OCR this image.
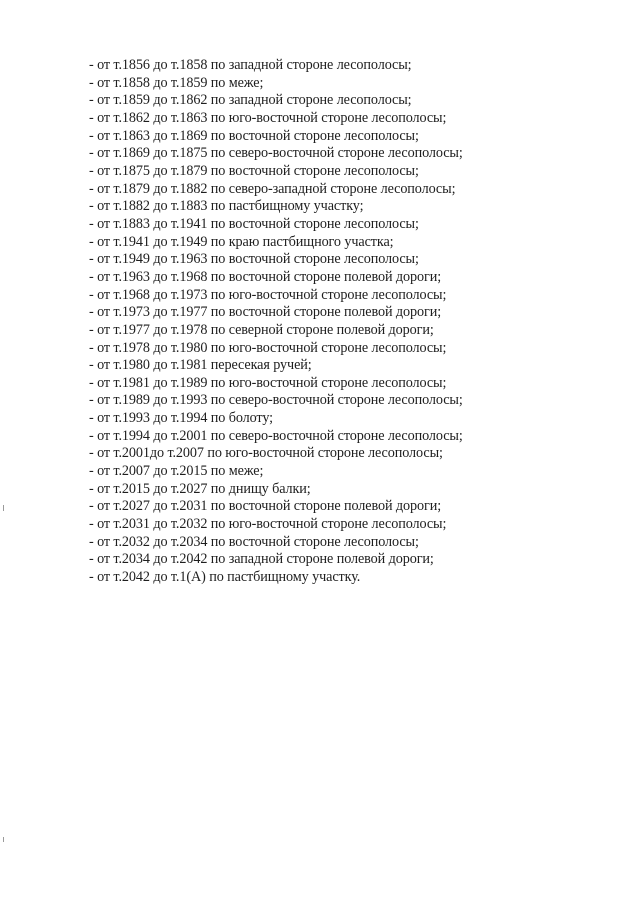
- от т.1856 до т.1858 по западной стороне лесополосы;
- от т.1858 до т.1859 по меже;
- от т.1859 до т.1862 по западной стороне лесополосы;
- от т.1862 до т.1863 по юго-восточной стороне лесополосы;
- от т.1863 до т.1869 по восточной стороне лесополосы;
- от т.1869 до т.1875 по северо-восточной стороне лесополосы;
- от т.1875 до т.1879 по восточной стороне лесополосы;
- от т.1879 до т.1882 по северо-западной стороне лесополосы;
- от т.1882 до т.1883 по пастбищному участку;
- от т.1883 до т.1941 по восточной стороне лесополосы;
- от т.1941 до т.1949 по краю пастбищного участка;
- от т.1949 до т.1963 по восточной стороне лесополосы;
- от т.1963 до т.1968 по восточной стороне полевой дороги;
- от т.1968 до т.1973 по юго-восточной стороне лесополосы;
- от т.1973 до т.1977 по восточной стороне полевой дороги;
- от т.1977 до т.1978 по северной стороне полевой дороги;
- от т.1978 до т.1980 по юго-восточной стороне лесополосы;
- от т.1980 до т.1981 пересекая ручей;
- от т.1981 до т.1989 по юго-восточной стороне лесополосы;
- от т.1989 до т.1993 по северо-восточной стороне лесополосы;
- от т.1993 до т.1994 по болоту;
- от т.1994 до т.2001 по северо-восточной стороне лесополосы;
- от т.2001до т.2007 по юго-восточной стороне лесополосы;
- от т.2007 до т.2015 по меже;
- от т.2015 до т.2027 по днищу балки;
- от т.2027 до т.2031 по восточной стороне полевой дороги;
- от т.2031 до т.2032 по юго-восточной стороне лесополосы;
- от т.2032 до т.2034 по восточной стороне лесополосы;
- от т.2034 до т.2042 по западной стороне полевой дороги;
- от т.2042 до т.1(А) по пастбищному участку.
